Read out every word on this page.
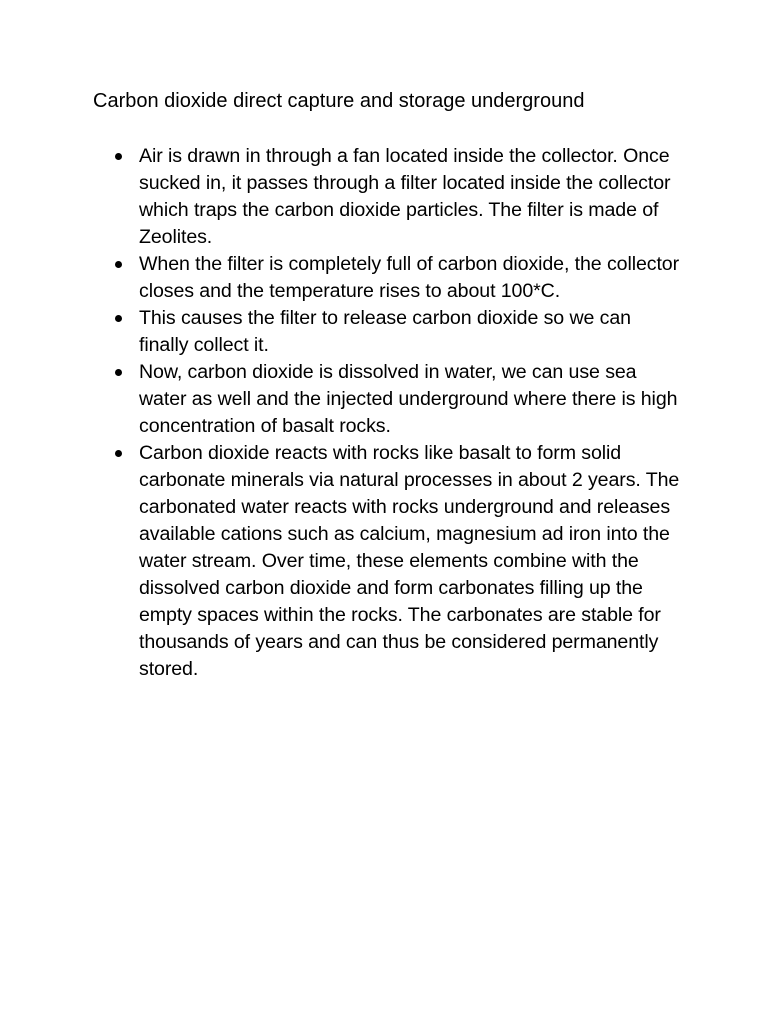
Carbon dioxide direct capture and storage underground
Air is drawn in through a fan located inside the collector. Once sucked in, it passes through a filter located inside the collector which traps the carbon dioxide particles. The filter is made of Zeolites.
When the filter is completely full of carbon dioxide, the collector closes and the temperature rises to about 100*C.
This causes the filter to release carbon dioxide so we can finally collect it.
Now, carbon dioxide is dissolved in water, we can use sea water as well and the injected underground where there is high concentration of basalt rocks.
Carbon dioxide reacts with rocks like basalt to form solid carbonate minerals via natural processes in about 2 years. The carbonated water reacts with rocks underground and releases available cations such as calcium, magnesium ad iron into the water stream. Over time, these elements combine with the dissolved carbon dioxide and form carbonates filling up the empty spaces within the rocks. The carbonates are stable for thousands of years and can thus be considered permanently stored.
